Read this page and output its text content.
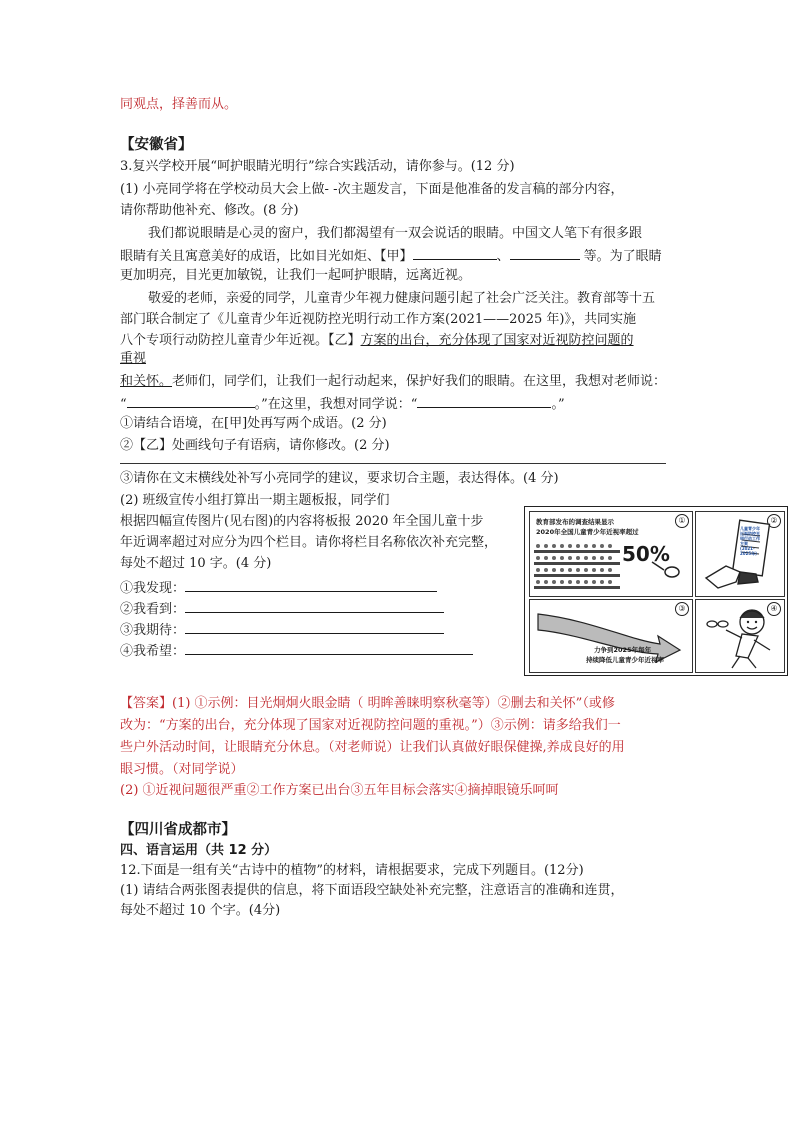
同观点，择善而从。
【安徽省】
3.复兴学校开展“呵护眼睛光明行”综合实践活动，请你参与。(12 分)
(1) 小亮同学将在学校动员大会上做- -次主题发言，下面是他准备的发言稿的部分内容，
请你帮助他补充、修改。(8 分)
我们都说眼睛是心灵的窗户，我们都渴望有一双会说话的眼睛。中国文人笔下有很多跟
眼睛有关且寓意美好的成语，比如目光如炬、【甲】	、	等。为了眼睛
更加明亮，目光更加敏锐，让我们一起呵护眼睛，远离近视。
敬爱的老师，亲爱的同学，儿童青少年视力健康问题引起了社会广泛关注。教育部等十五
部门联合制定了《儿童青少年近视防控光明行动工作方案(2021——2025 年)》，共同实施
八个专项行动防控儿童青少年近视。【乙】方案的出台，充分体现了国家对近视防控问题的
重视
和关怀。老师们，同学们，让我们一起行动起来，保护好我们的眼睛。在这里，我想对老师说：
“	。”在这里，我想对同学说：“	。”
①请结合语境，在[甲]处再写两个成语。(2 分)
②【乙】处画线句子有语病，请你修改。(2 分)
③请你在文末横线处补写小亮同学的建议，要求切合主题，表达得体。(4 分)
(2) 班级宣传小组打算出一期主题板报，同学们
根据四幅宣传图片(见右图)的内容将板报 2020 年全国儿童十步
年近调率超过对应分为四个栏目。请你将栏目名称依次补充完整，
每处不超过 10 字。(4 分)
①我发现：
②我看到：
③我期待：
④我希望：
①
教育部发布的调查结果显示
2020年全国儿童青少年近视率超过
50%
②
儿童青少年近视防控光明行动工作方案(2021-2025年)
③
力争到2025年每年
持续降低儿童青少年近视率
④
【答案】(1) ①示例：目光炯炯火眼金睛（ 明眸善睐明察秋毫等）②删去和关怀”（或修
改为：“方案的出台，充分体现了国家对近视防控问题的重视。”）③示例：请多给我们一
些户外活动时间，让眼睛充分休息。（对老师说）让我们认真做好眼保健操,养成良好的用
眼习惯。（对同学说）
(2) ①近视问题很严重②工作方案已出台③五年目标会落实④摘掉眼镜乐呵呵
【四川省成都市】
四、语言运用（共 12 分）
12.下面是一组有关“古诗中的植物”的材料，请根据要求，完成下列题目。(12分)
(1) 请结合两张图表提供的信息，将下面语段空缺处补充完整，注意语言的准确和连贯，
每处不超过 10 个字。(4分)
